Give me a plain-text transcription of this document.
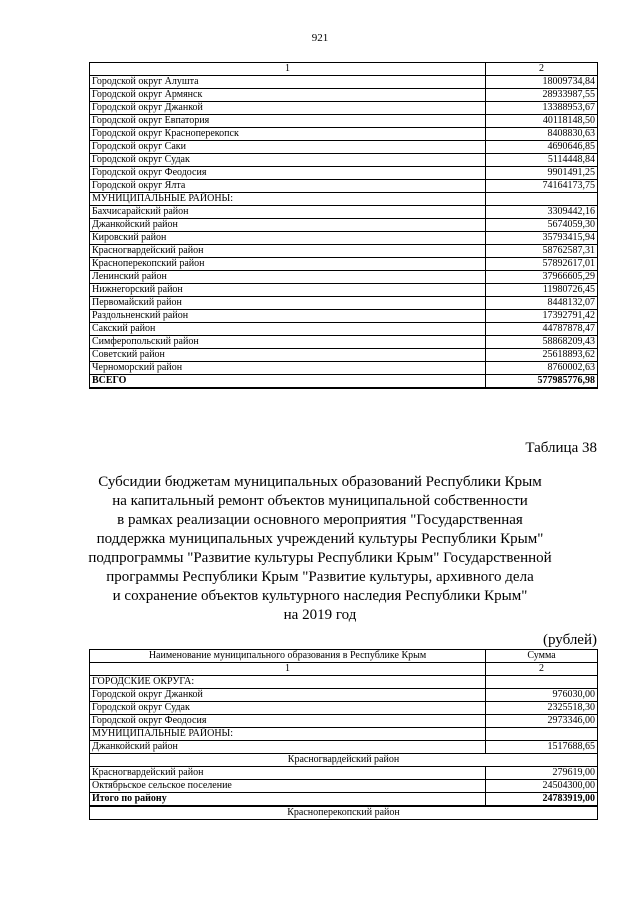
921
1	2
Городской округ Алушта	18009734,84
Городской округ Армянск	28933987,55
Городской округ Джанкой	13388953,67
Городской округ Евпатория	40118148,50
Городской округ Красноперекопск	8408830,63
Городской округ Саки	4690646,85
Городской округ Судак	5114448,84
Городской округ Феодосия	9901491,25
Городской округ Ялта	74164173,75
МУНИЦИПАЛЬНЫЕ РАЙОНЫ:	
Бахчисарайский район	3309442,16
Джанкойский район	5674059,30
Кировский район	35793415,94
Красногвардейский район	58762587,31
Красноперекопский район	57892617,01
Ленинский район	37966605,29
Нижнегорский район	11980726,45
Первомайский район	8448132,07
Раздольненский район	17392791,42
Сакский район	44787878,47
Симферопольский район	58868209,43
Советский район	25618893,62
Черноморский район	8760002,63
ВСЕГО	577985776,98
Таблица 38
Субсидии бюджетам муниципальных образований Республики Крым
на капитальный ремонт объектов муниципальной собственности
в рамках реализации основного мероприятия "Государственная
поддержка муниципальных учреждений культуры Республики Крым"
подпрограммы "Развитие культуры Республики Крым" Государственной
программы Республики Крым "Развитие культуры, архивного дела
и сохранение объектов культурного наследия Республики Крым"
на 2019 год
(рублей)
Наименование муниципального образования в Республике Крым	Сумма
1	2
ГОРОДСКИЕ ОКРУГА:	
Городской округ Джанкой	976030,00
Городской округ Судак	2325518,30
Городской округ Феодосия	2973346,00
МУНИЦИПАЛЬНЫЕ РАЙОНЫ:	
Джанкойский район	1517688,65
Красногвардейский район	
Красногвардейский район	279619,00
Октябрьское сельское поселение	24504300,00
Итого по району	24783919,00
Красноперекопский район	
